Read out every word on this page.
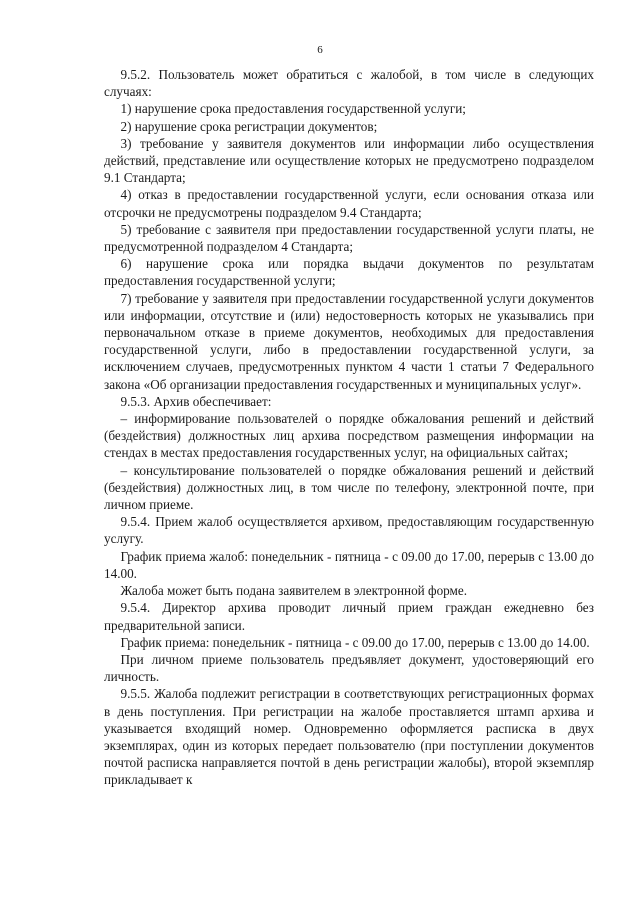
6

9.5.2. Пользователь может обратиться с жалобой, в том числе в следующих случаях:

1) нарушение срока предоставления государственной услуги;

2) нарушение срока регистрации документов;

3) требование у заявителя документов или информации либо осуществления действий, представление или осуществление которых не предусмотрено подразделом 9.1 Стандарта;

4) отказ в предоставлении государственной услуги, если основания отказа или отсрочки не предусмотрены подразделом 9.4 Стандарта;

5) требование с заявителя при предоставлении государственной услуги платы, не предусмотренной подразделом 4 Стандарта;

6) нарушение срока или порядка выдачи документов по результатам предоставления государственной услуги;

7) требование у заявителя при предоставлении государственной услуги документов или информации, отсутствие и (или) недостоверность которых не указывались при первоначальном отказе в приеме документов, необходимых для предоставления государственной услуги, либо в предоставлении государственной услуги, за исключением случаев, предусмотренных пунктом 4 части 1 статьи 7 Федерального закона «Об организации предоставления государственных и муниципальных услуг».

9.5.3. Архив обеспечивает:

– информирование пользователей о порядке обжалования решений и действий (бездействия) должностных лиц архива посредством размещения информации на стендах в местах предоставления государственных услуг, на официальных сайтах;

– консультирование пользователей о порядке обжалования решений и действий (бездействия) должностных лиц, в том числе по телефону, электронной почте, при личном приеме.

9.5.4. Прием жалоб осуществляется архивом, предоставляющим государственную услугу.

График приема жалоб: понедельник - пятница - с 09.00 до 17.00, перерыв с 13.00 до 14.00.

Жалоба может быть подана заявителем в электронной форме.

9.5.4. Директор архива проводит личный прием граждан ежедневно без предварительной записи.

График приема: понедельник - пятница - с 09.00 до 17.00, перерыв с 13.00 до 14.00.

При личном приеме пользователь предъявляет документ, удостоверяющий его личность.

9.5.5. Жалоба подлежит регистрации в соответствующих регистрационных формах в день поступления. При регистрации на жалобе проставляется штамп архива и указывается входящий номер. Одновременно оформляется расписка в двух экземплярах, один из которых передает пользователю (при поступлении документов почтой расписка направляется почтой в день регистрации жалобы), второй экземпляр прикладывает к
